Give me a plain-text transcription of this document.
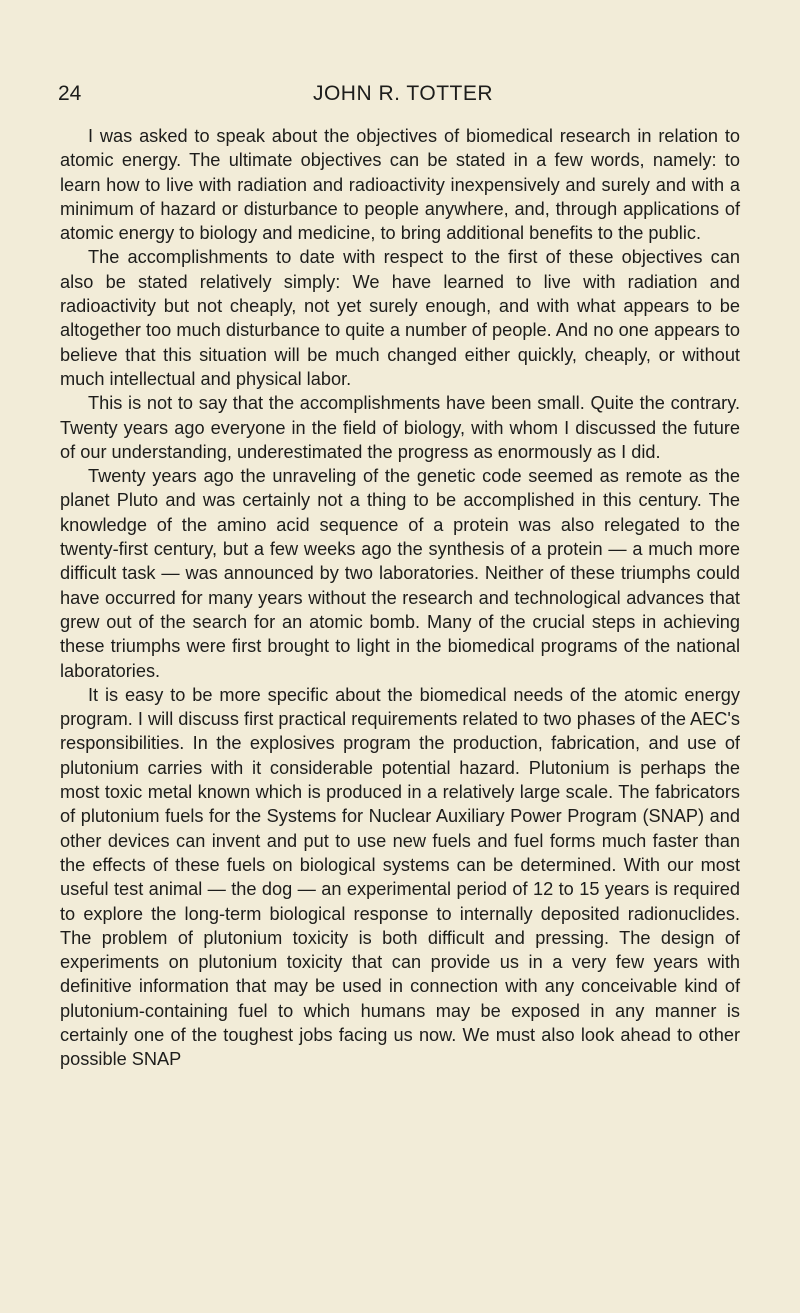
24	JOHN R. TOTTER

I was asked to speak about the objectives of biomedical research in relation to atomic energy. The ultimate objectives can be stated in a few words, namely: to learn how to live with radiation and radioactivity inexpensively and surely and with a minimum of hazard or disturbance to people anywhere, and, through applications of atomic energy to biology and medicine, to bring additional benefits to the public.

The accomplishments to date with respect to the first of these objectives can also be stated relatively simply: We have learned to live with radiation and radioactivity but not cheaply, not yet surely enough, and with what appears to be altogether too much disturbance to quite a number of people. And no one appears to believe that this situation will be much changed either quickly, cheaply, or without much intellectual and physical labor.

This is not to say that the accomplishments have been small. Quite the contrary. Twenty years ago everyone in the field of biology, with whom I discussed the future of our understanding, underestimated the progress as enormously as I did.

Twenty years ago the unraveling of the genetic code seemed as remote as the planet Pluto and was certainly not a thing to be accomplished in this century. The knowledge of the amino acid sequence of a protein was also relegated to the twenty-first century, but a few weeks ago the synthesis of a protein — a much more difficult task — was announced by two laboratories. Neither of these triumphs could have occurred for many years without the research and technological advances that grew out of the search for an atomic bomb. Many of the crucial steps in achieving these triumphs were first brought to light in the biomedical programs of the national laboratories.

It is easy to be more specific about the biomedical needs of the atomic energy program. I will discuss first practical requirements related to two phases of the AEC's responsibilities. In the explosives program the production, fabrication, and use of plutonium carries with it considerable potential hazard. Plutonium is perhaps the most toxic metal known which is produced in a relatively large scale. The fabricators of plutonium fuels for the Systems for Nuclear Auxiliary Power Program (SNAP) and other devices can invent and put to use new fuels and fuel forms much faster than the effects of these fuels on biological systems can be determined. With our most useful test animal — the dog — an experimental period of 12 to 15 years is required to explore the long-term biological response to internally deposited radionuclides. The problem of plutonium toxicity is both difficult and pressing. The design of experiments on plutonium toxicity that can provide us in a very few years with definitive information that may be used in connection with any conceivable kind of plutonium-containing fuel to which humans may be exposed in any manner is certainly one of the toughest jobs facing us now. We must also look ahead to other possible SNAP
